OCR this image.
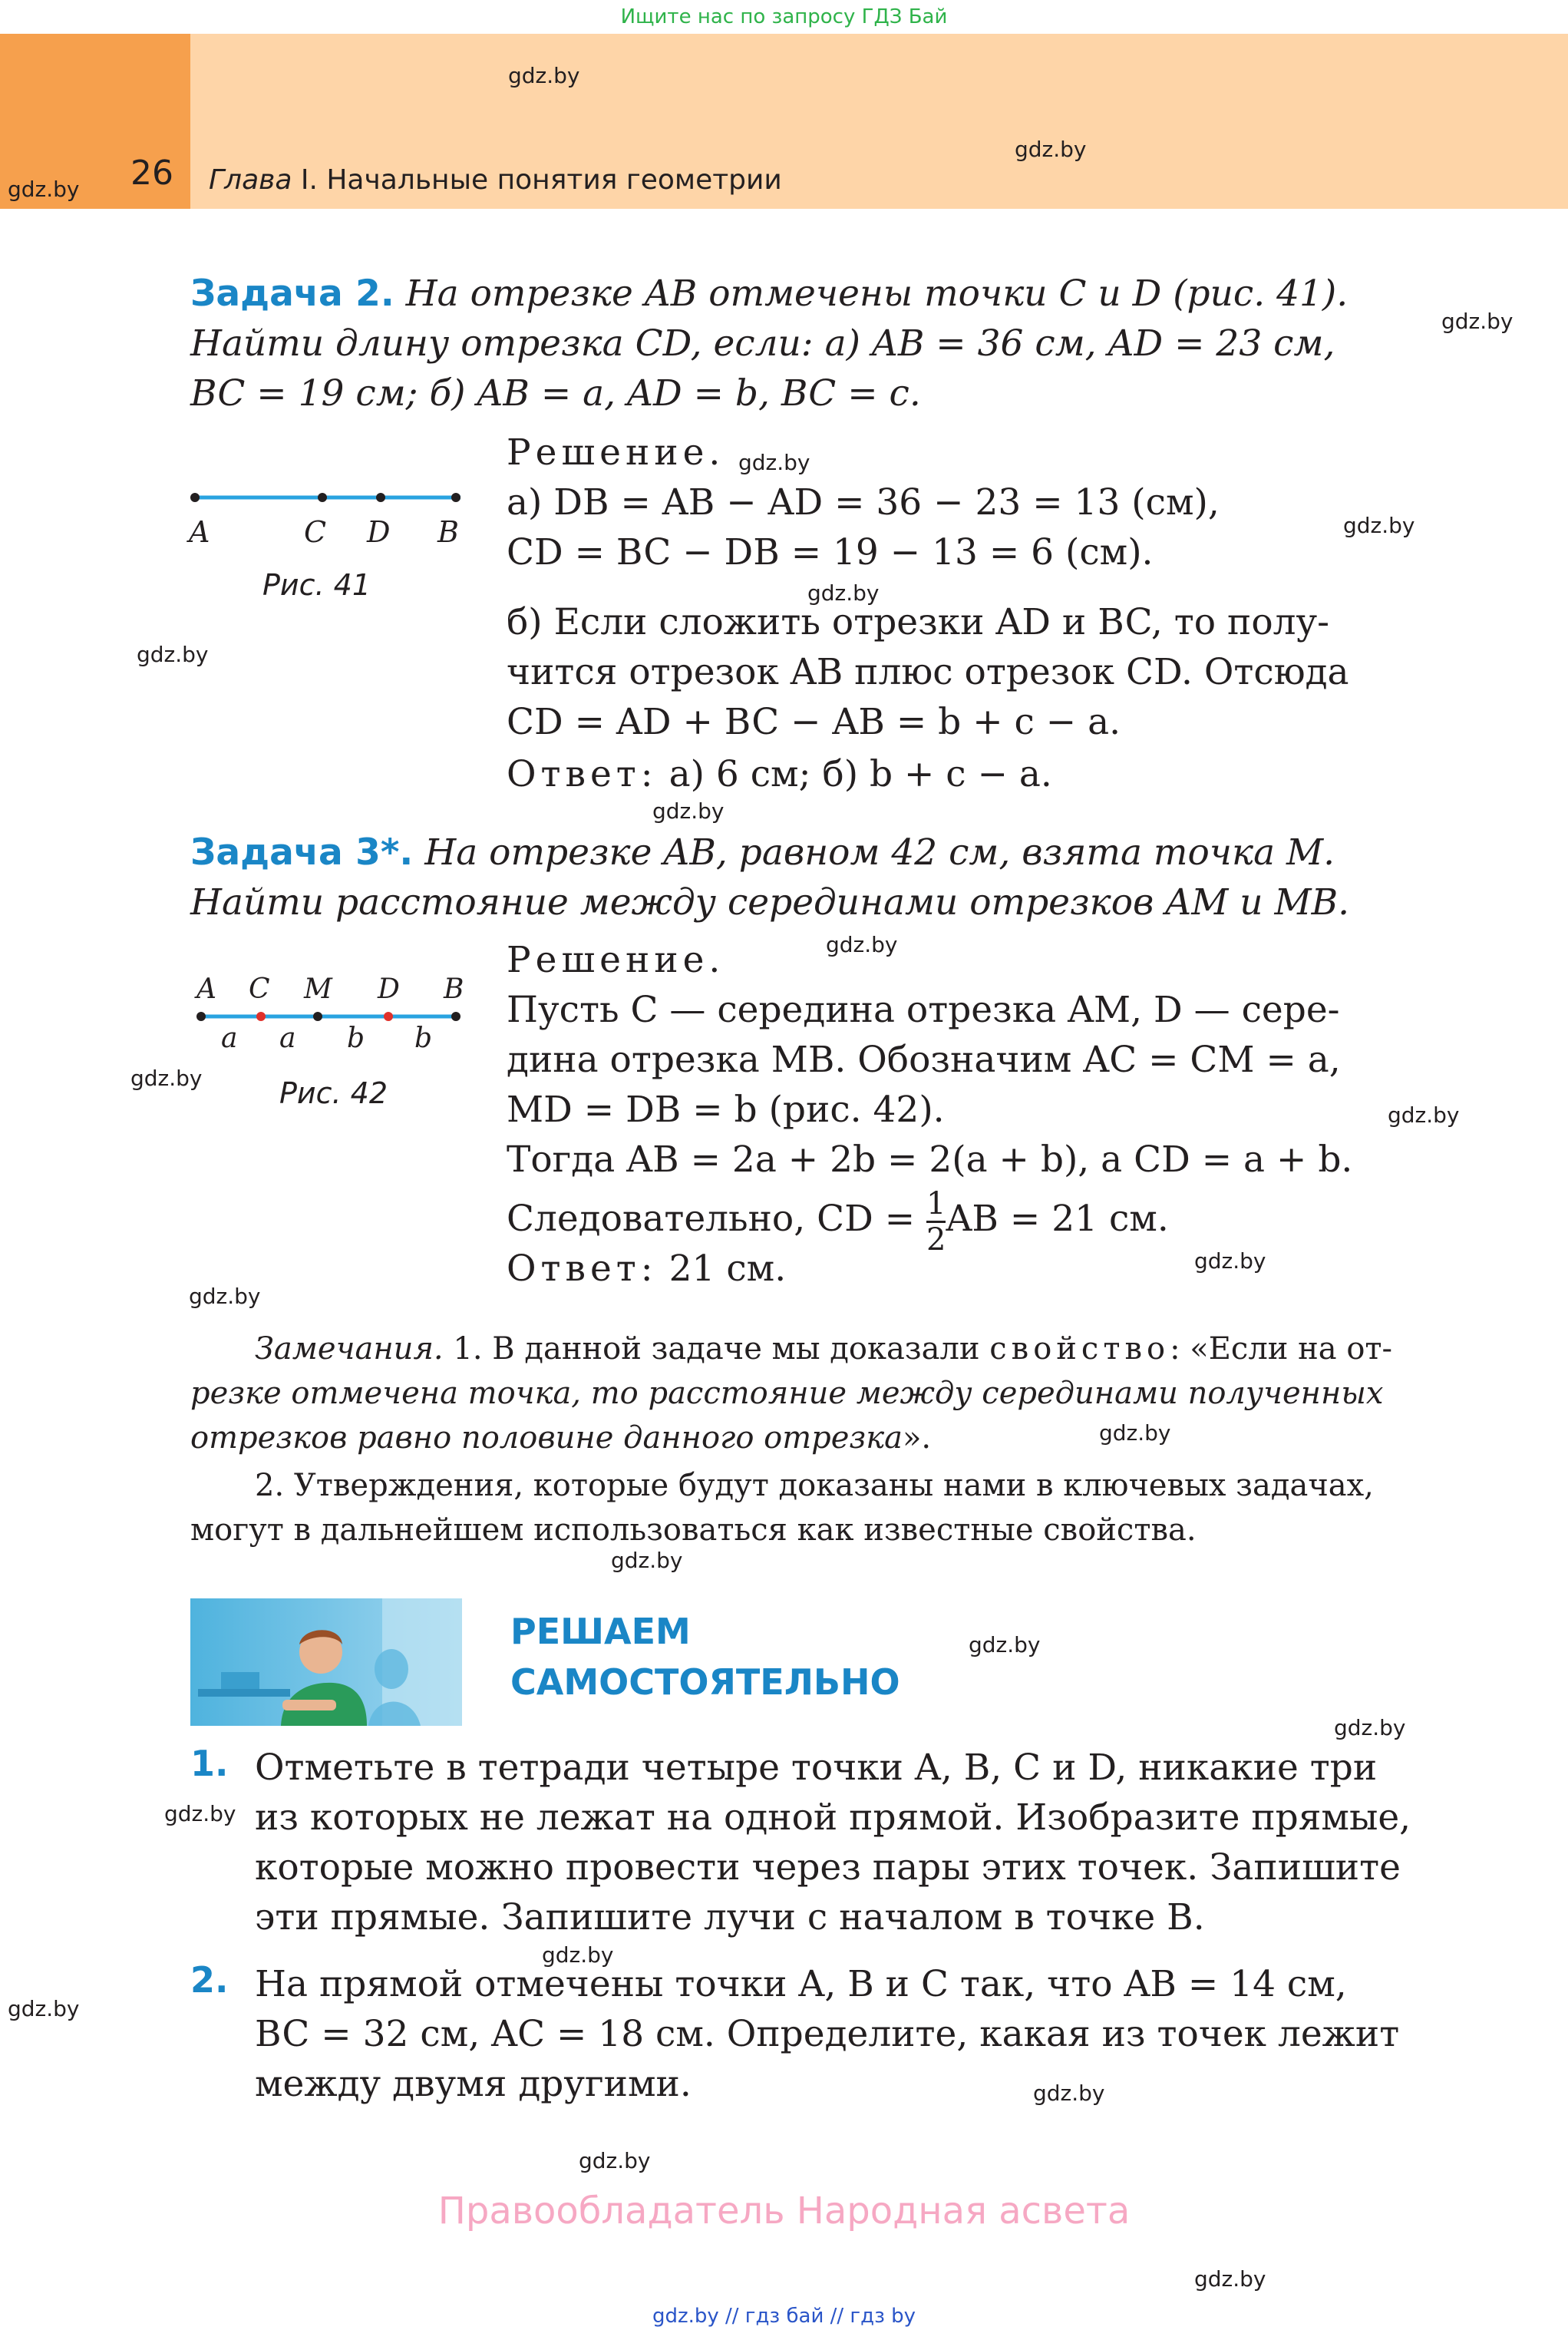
Ищите нас по запросу ГДЗ Бай
26 Глава I. Начальные понятия геометрии
gdz.by
gdz.by
gdz.by
gdz.by
gdz.by
gdz.by
gdz.by
gdz.by
gdz.by
gdz.by
gdz.by
gdz.by
gdz.by
gdz.by
gdz.by
gdz.by
gdz.by
gdz.by
gdz.by
gdz.by
gdz.by
gdz.by
gdz.by
gdz.by
Задача 2. На отрезке AB отмечены точки C и D (рис. 41).
Найти длину отрезка CD, если: а) AB = 36 см, AD = 23 см,
BC = 19 см; б) AB = a, AD = b, BC = c.
Решение.
а) DB = AB − AD = 36 − 23 = 13 (см),
CD = BC − DB = 19 − 13 = 6 (см).
б) Если сложить отрезки AD и BC, то полу-
чится отрезок AB плюс отрезок CD. Отсюда
CD = AD + BC − AB = b + c − a.
Ответ: а) 6 см; б) b + c − a.
A	C D B
Рис. 41
Задача 3*. На отрезке AB, равном 42 см, взята точка M.
Найти расстояние между серединами отрезков AM и MB.
Решение.
Пусть C — середина отрезка AM, D — сере-
дина отрезка MB. Обозначим AC = CM = a,
MD = DB = b (рис. 42).
Тогда AB = 2a + 2b = 2(a + b), а CD = a + b.
Следовательно, CD = $\frac{1}{2}$ AB = 21 см.
Ответ: 21 см.
A C M D B
a a b b
Рис. 42
Замечания. 1. В данной задаче мы доказали свойство: «Если на от-
резке отмечена точка, то расстояние между серединами полученных
отрезков равно половине данного отрезка».
2. Утверждения, которые будут доказаны нами в ключевых задачах,
могут в дальнейшем использоваться как известные свойства.
РЕШАЕМ
САМОСТОЯТЕЛЬНО
1. Отметьте в тетради четыре точки A, B, C и D, никакие три
из которых не лежат на одной прямой. Изобразите прямые,
которые можно провести через пары этих точек. Запишите
эти прямые. Запишите лучи с началом в точке B.
2. На прямой отмечены точки A, B и C так, что AB = 14 см,
BC = 32 см, AC = 18 см. Определите, какая из точек лежит
между двумя другими.
Правообладатель Народная асвета
gdz.by // гдз бай // гдз by
